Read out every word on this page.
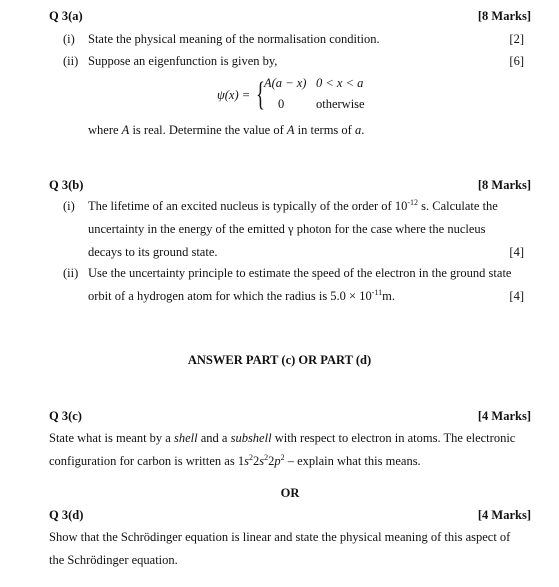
Q 3(a)	[8 Marks]
(i) State the physical meaning of the normalisation condition.	[2]
(ii) Suppose an eigenfunction is given by,	[6]
ψ(x) = { A(a − x) 0 < x < a
0	otherwise
where A is real. Determine the value of A in terms of a.
Q 3(b)	[8 Marks]
(i) The lifetime of an excited nucleus is typically of the order of $10^{-12}$ s. Calculate the
uncertainty in the energy of the emitted γ photon for the case where the nucleus
decays to its ground state.	[4]
(ii) Use the uncertainty principle to estimate the speed of the electron in the ground state
orbit of a hydrogen atom for which the radius is $5.0 \times 10^{-11}m$.	[4]
ANSWER PART (c) OR PART (d)
Q 3(c)	[4 Marks]
State what is meant by a shell and a subshell with respect to electron in atoms. The electronic
configuration for carbon is written as $1s^22s^22p^2$ – explain what this means.
OR
Q 3(d)	[4 Marks]
Show that the Schrödinger equation is linear and state the physical meaning of this aspect of
the Schrödinger equation.
